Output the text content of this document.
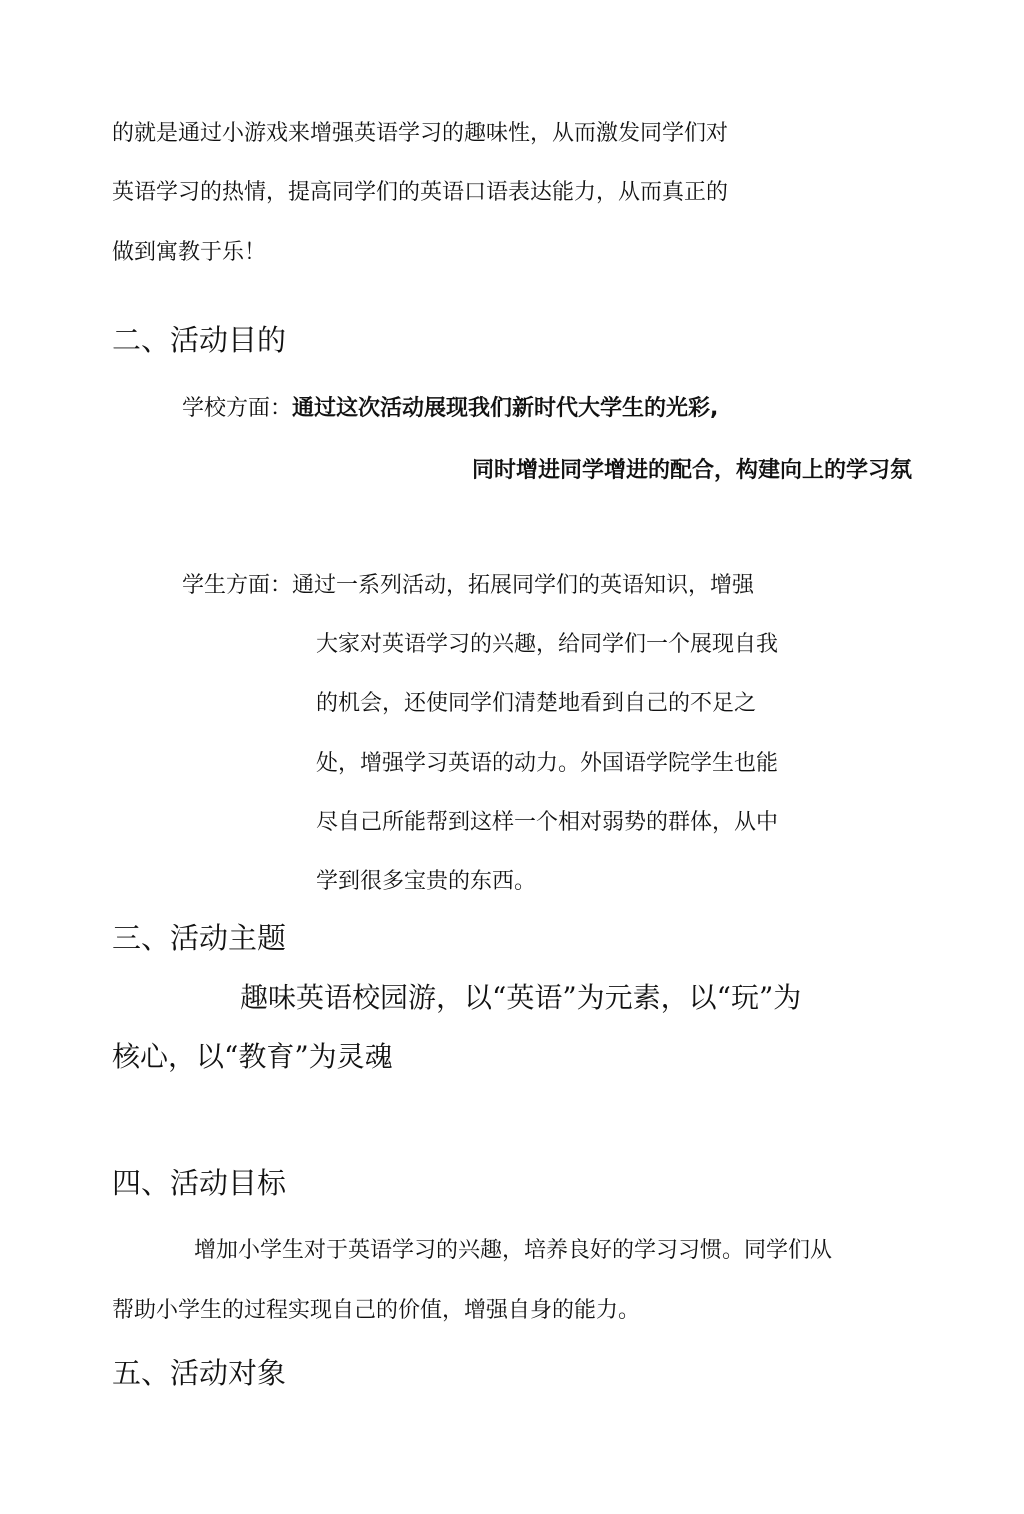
的就是通过小游戏来增强英语学习的趣味性，从而激发同学们对
英语学习的热情，提高同学们的英语口语表达能力，从而真正的
做到寓教于乐！
二、活动目的
学校方面：通过这次活动展现我们新时代大学生的光彩,
同时增进同学增进的配合，构建向上的学习氛
学生方面：通过一系列活动，拓展同学们的英语知识，增强
大家对英语学习的兴趣，给同学们一个展现自我
的机会，还使同学们清楚地看到自己的不足之
处，增强学习英语的动力。外国语学院学生也能
尽自己所能帮到这样一个相对弱势的群体，从中
学到很多宝贵的东西。
三、活动主题
趣味英语校园游，以“英语”为元素，以“玩”为
核心，以“教育”为灵魂
四、活动目标
增加小学生对于英语学习的兴趣，培养良好的学习习惯。同学们从
帮助小学生的过程实现自己的价值，增强自身的能力。
五、活动对象
